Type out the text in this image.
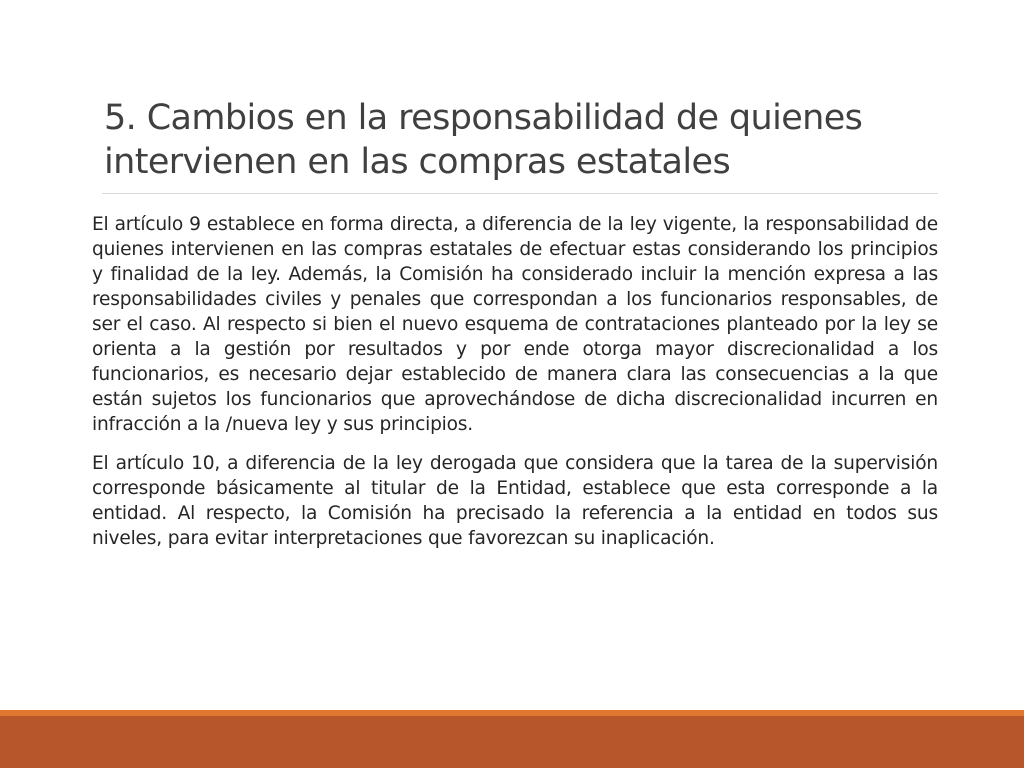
5. Cambios en la responsabilidad de quienes intervienen en las compras estatales

El artículo 9 establece en forma directa, a diferencia de la ley vigente, la responsabilidad de quienes intervienen en las compras estatales de efectuar estas considerando los principios y finalidad de la ley. Además, la Comisión ha considerado incluir la mención expresa a las responsabilidades civiles y penales que correspondan a los funcionarios responsables, de ser el caso. Al respecto si bien el nuevo esquema de contrataciones planteado por la ley se orienta a la gestión por resultados y por ende otorga mayor discrecionalidad a los funcionarios, es necesario dejar establecido de manera clara las consecuencias a la que están sujetos los funcionarios que aprovechándose de dicha discrecionalidad incurren en infracción a la /nueva ley y sus principios.

El artículo 10, a diferencia de la ley derogada que considera que la tarea de la supervisión corresponde básicamente al titular de la Entidad, establece que esta corresponde a la entidad. Al respecto, la Comisión ha precisado la referencia a la entidad en todos sus niveles, para evitar interpretaciones que favorezcan su inaplicación.
